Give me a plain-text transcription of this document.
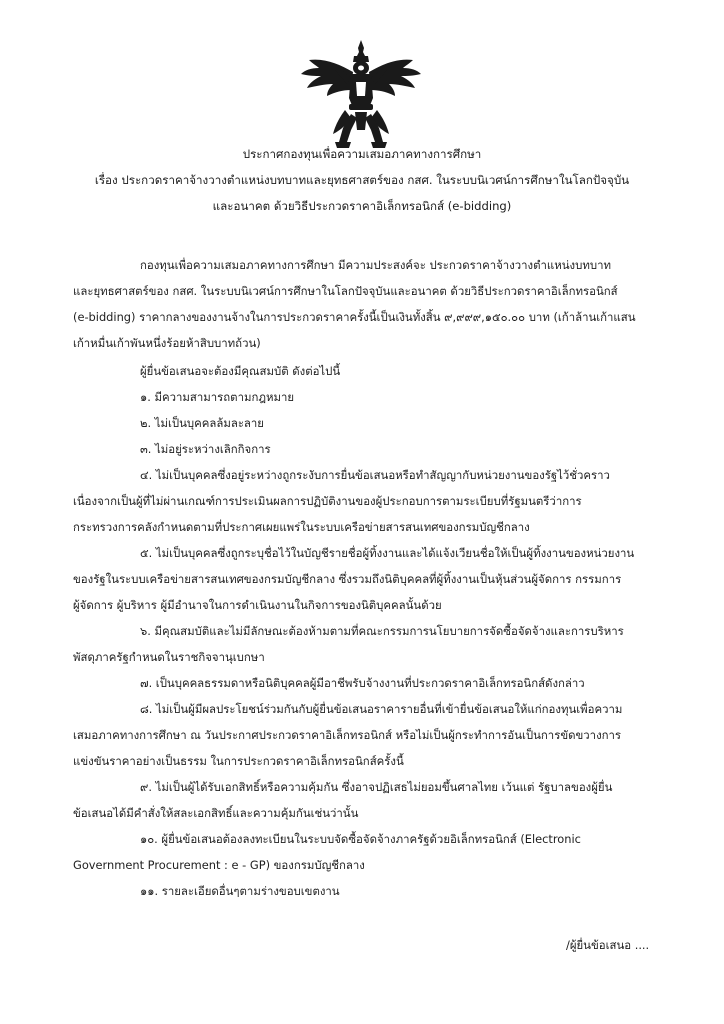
ประกาศกองทุนเพื่อความเสมอภาคทางการศึกษา
เรื่อง ประกวดราคาจ้างวางตำแหน่งบทบาทและยุทธศาสตร์ของ กสศ. ในระบบนิเวศน์การศึกษาในโลกปัจจุบัน
และอนาคต ด้วยวิธีประกวดราคาอิเล็กทรอนิกส์ (e-bidding)
กองทุนเพื่อความเสมอภาคทางการศึกษา มีความประสงค์จะ ประกวดราคาจ้างวางตำแหน่งบทบาท
และยุทธศาสตร์ของ กสศ. ในระบบนิเวศน์การศึกษาในโลกปัจจุบันและอนาคต ด้วยวิธีประกวดราคาอิเล็กทรอนิกส์
(e-bidding) ราคากลางของงานจ้างในการประกวดราคาครั้งนี้เป็นเงินทั้งสิ้น ๙,๙๙๙,๑๕๐.๐๐ บาท (เก้าล้านเก้าแสน
เก้าหมื่นเก้าพันหนึ่งร้อยห้าสิบบาทถ้วน)
ผู้ยื่นข้อเสนอจะต้องมีคุณสมบัติ ดังต่อไปนี้
๑. มีความสามารถตามกฎหมาย
๒. ไม่เป็นบุคคลล้มละลาย
๓. ไม่อยู่ระหว่างเลิกกิจการ
๔. ไม่เป็นบุคคลซึ่งอยู่ระหว่างถูกระงับการยื่นข้อเสนอหรือทำสัญญากับหน่วยงานของรัฐไว้ชั่วคราว
เนื่องจากเป็นผู้ที่ไม่ผ่านเกณฑ์การประเมินผลการปฏิบัติงานของผู้ประกอบการตามระเบียบที่รัฐมนตรีว่าการ
กระทรวงการคลังกำหนดตามที่ประกาศเผยแพร่ในระบบเครือข่ายสารสนเทศของกรมบัญชีกลาง
๕. ไม่เป็นบุคคลซึ่งถูกระบุชื่อไว้ในบัญชีรายชื่อผู้ทิ้งงานและได้แจ้งเวียนชื่อให้เป็นผู้ทิ้งงานของหน่วยงาน
ของรัฐในระบบเครือข่ายสารสนเทศของกรมบัญชีกลาง ซึ่งรวมถึงนิติบุคคลที่ผู้ทิ้งงานเป็นหุ้นส่วนผู้จัดการ กรรมการ
ผู้จัดการ ผู้บริหาร ผู้มีอำนาจในการดำเนินงานในกิจการของนิติบุคคลนั้นด้วย
๖. มีคุณสมบัติและไม่มีลักษณะต้องห้ามตามที่คณะกรรมการนโยบายการจัดซื้อจัดจ้างและการบริหาร
พัสดุภาครัฐกำหนดในราชกิจจานุเบกษา
๗. เป็นบุคคลธรรมดาหรือนิติบุคคลผู้มีอาชีพรับจ้างงานที่ประกวดราคาอิเล็กทรอนิกส์ดังกล่าว
๘. ไม่เป็นผู้มีผลประโยชน์ร่วมกันกับผู้ยื่นข้อเสนอราคารายอื่นที่เข้ายื่นข้อเสนอให้แก่กองทุนเพื่อความ
เสมอภาคทางการศึกษา ณ วันประกาศประกวดราคาอิเล็กทรอนิกส์ หรือไม่เป็นผู้กระทำการอันเป็นการขัดขวางการ
แข่งขันราคาอย่างเป็นธรรม ในการประกวดราคาอิเล็กทรอนิกส์ครั้งนี้
๙. ไม่เป็นผู้ได้รับเอกสิทธิ์หรือความคุ้มกัน ซึ่งอาจปฏิเสธไม่ยอมขึ้นศาลไทย เว้นแต่ รัฐบาลของผู้ยื่น
ข้อเสนอได้มีคำสั่งให้สละเอกสิทธิ์และความคุ้มกันเช่นว่านั้น
๑๐. ผู้ยื่นข้อเสนอต้องลงทะเบียนในระบบจัดซื้อจัดจ้างภาครัฐด้วยอิเล็กทรอนิกส์ (Electronic
Government Procurement : e - GP) ของกรมบัญชีกลาง
๑๑. รายละเอียดอื่นๆตามร่างขอบเขตงาน
/ผู้ยื่นข้อเสนอ ....
